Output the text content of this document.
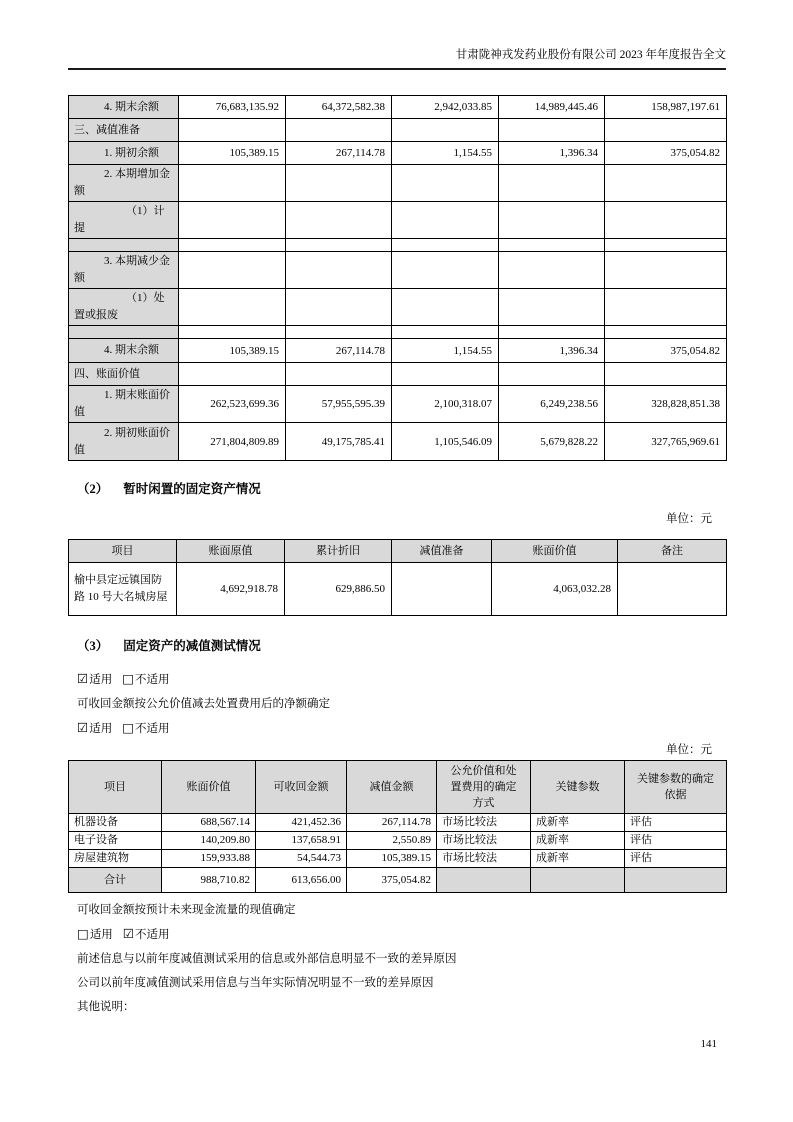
甘肃陇神戎发药业股份有限公司 2023 年年度报告全文
4. 期末余额	76,683,135.92	64,372,582.38	2,942,033.85	14,989,445.46	158,987,197.61
三、减值准备					
1. 期初余额	105,389.15	267,114.78	1,154.55	1,396.34	375,054.82
2. 本期增加金额					
（1）计提					

3. 本期减少金额					
（1）处置或报废					

4. 期末余额	105,389.15	267,114.78	1,154.55	1,396.34	375,054.82
四、账面价值					
1. 期末账面价值	262,523,699.36	57,955,595.39	2,100,318.07	6,249,238.56	328,828,851.38
2. 期初账面价值	271,804,809.89	49,175,785.41	1,105,546.09	5,679,828.22	327,765,969.61
（2） 暂时闲置的固定资产情况
单位：元
项目	账面原值	累计折旧	减值准备	账面价值	备注
榆中县定远镇国防路 10 号大名城房屋	4,692,918.78	629,886.50		4,063,032.28	
（3） 固定资产的减值测试情况
☑适用 □不适用
可收回金额按公允价值减去处置费用后的净额确定
☑适用 □不适用
单位：元
项目	账面价值	可收回金额	减值金额	公允价值和处置费用的确定方式	关键参数	关键参数的确定依据
机器设备	688,567.14	421,452.36	267,114.78	市场比较法	成新率	评估
电子设备	140,209.80	137,658.91	2,550.89	市场比较法	成新率	评估
房屋建筑物	159,933.88	54,544.73	105,389.15	市场比较法	成新率	评估
合计	988,710.82	613,656.00	375,054.82			
可收回金额按预计未来现金流量的现值确定
□适用 ☑不适用
前述信息与以前年度减值测试采用的信息或外部信息明显不一致的差异原因
公司以前年度减值测试采用信息与当年实际情况明显不一致的差异原因
其他说明：
141
